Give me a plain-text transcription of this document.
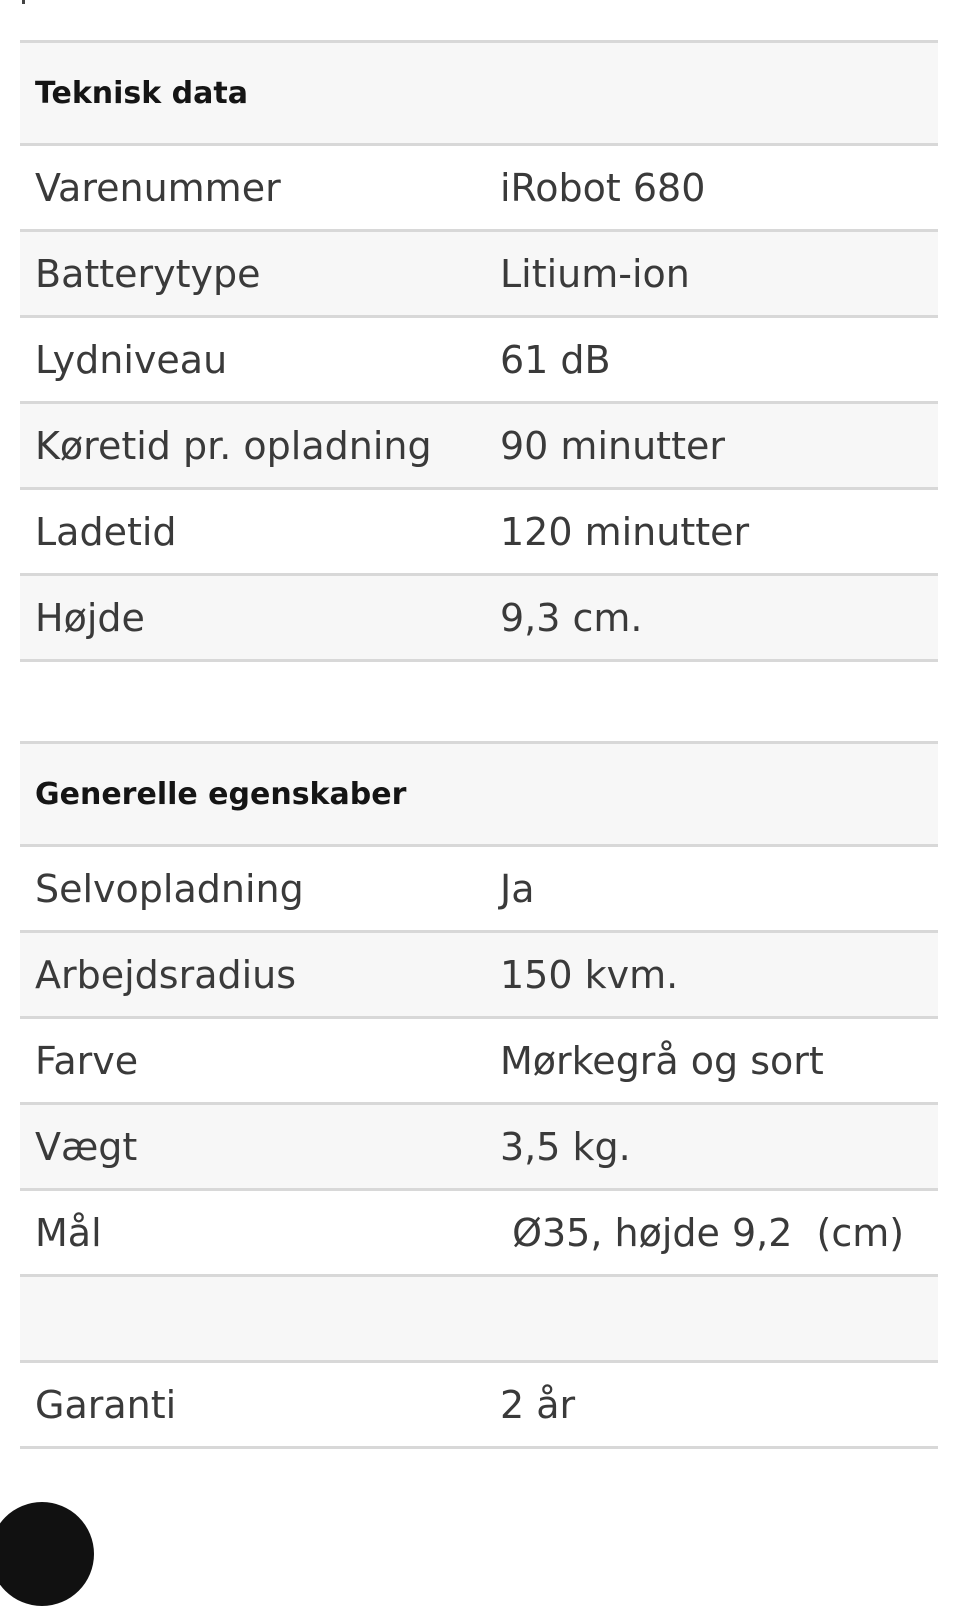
Teknisk data	
Varenummer	iRobot 680
Batterytype	Litium-ion
Lydniveau	61 dB
Køretid pr. opladning	90 minutter
Ladetid	120 minutter
Højde	9,3 cm.
Generelle egenskaber	
Selvopladning	Ja
Arbejdsradius	150 kvm.
Farve	Mørkegrå og sort
Vægt	3,5 kg.
Mål	Ø35, højde 9,2  (cm)

Garanti	2 år
